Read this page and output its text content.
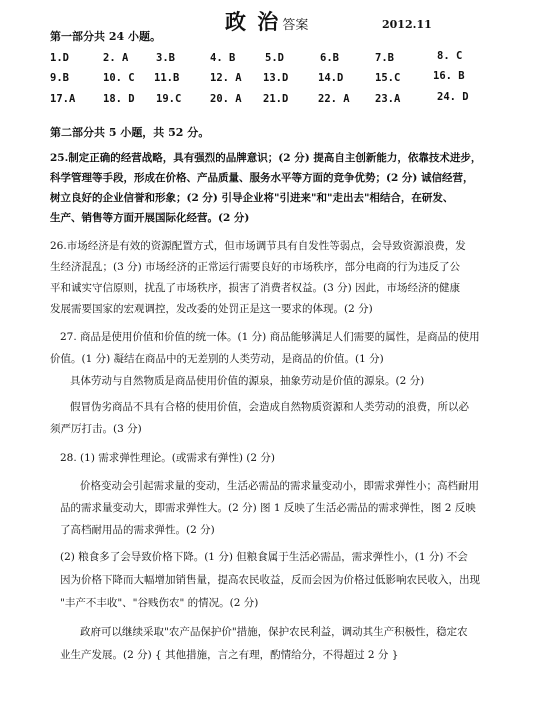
政 治 答案	2012.11
第一部分共 24 小题。
1.D	2. A	3.B	4. B	5.D	6.B	7.B	8. C
9.B	10. C 11.B	12. A 13.D	14.D	15.C	16. B
17.A	18. D 19.C	20. A 21.D	22. A 23.A	24. D
第二部分共 5 小题，共 52 分。
25.制定正确的经营战略，具有强烈的品牌意识；(2 分) 提高自主创新能力，依靠技术进步，
科学管理等手段，形成在价格、产品质量、服务水平等方面的竞争优势；(2 分) 诚信经营，
树立良好的企业信誉和形象；(2 分) 引导企业将"引进来"和"走出去"相结合，在研发、
生产、销售等方面开展国际化经营。(2 分)
26.市场经济是有效的资源配置方式，但市场调节具有自发性等弱点，会导致资源浪费，发
生经济混乱；(3 分) 市场经济的正常运行需要良好的市场秩序，部分电商的行为违反了公
平和诚实守信原则，扰乱了市场秩序，损害了消费者权益。(3 分) 因此，市场经济的健康
发展需要国家的宏观调控，发改委的处罚正是这一要求的体现。(2 分)
27. 商品是使用价值和价值的统一体。(1 分) 商品能够满足人们需要的属性，是商品的使用
价值。(1 分) 凝结在商品中的无差别的人类劳动，是商品的价值。(1 分)
具体劳动与自然物质是商品使用价值的源泉，抽象劳动是价值的源泉。(2 分)
假冒伪劣商品不具有合格的使用价值，会造成自然物质资源和人类劳动的浪费，所以必
须严厉打击。(3 分)
28. (1) 需求弹性理论。(或需求有弹性) (2 分)
价格变动会引起需求量的变动，生活必需品的需求量变动小，即需求弹性小；高档耐用
品的需求量变动大，即需求弹性大。(2 分) 图 1 反映了生活必需品的需求弹性，图 2 反映
了高档耐用品的需求弹性。(2 分)
(2) 粮食多了会导致价格下降。(1 分) 但粮食属于生活必需品，需求弹性小，(1 分) 不会
因为价格下降而大幅增加销售量，提高农民收益，反而会因为价格过低影响农民收入，出现
"丰产不丰收"、"谷贱伤农" 的情况。(2 分)
政府可以继续采取"农产品保护价"措施，保护农民利益，调动其生产积极性，稳定农
业生产发展。(2 分) { 其他措施，言之有理，酌情给分，不得超过 2 分 }
